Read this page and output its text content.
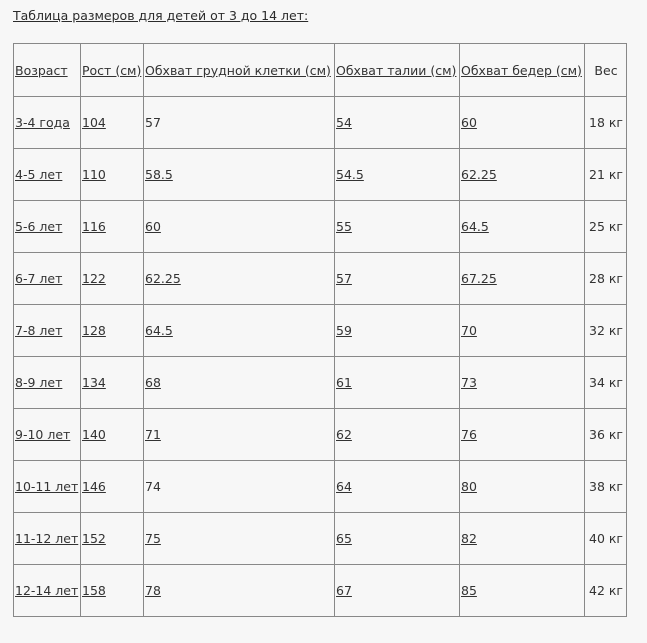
Таблица размеров для детей от 3 до 14 лет:
Возраст	Рост (см)	Обхват грудной клетки (см)	Обхват талии (см)	Обхват бедер (см)	Вес
3-4 года	104	57	54	60	18 кг
4-5 лет	110	58.5	54.5	62.25	21 кг
5-6 лет	116	60	55	64.5	25 кг
6-7 лет	122	62.25	57	67.25	28 кг
7-8 лет	128	64.5	59	70	32 кг
8-9 лет	134	68	61	73	34 кг
9-10 лет	140	71	62	76	36 кг
10-11 лет	146	74	64	80	38 кг
11-12 лет	152	75	65	82	40 кг
12-14 лет	158	78	67	85	42 кг
